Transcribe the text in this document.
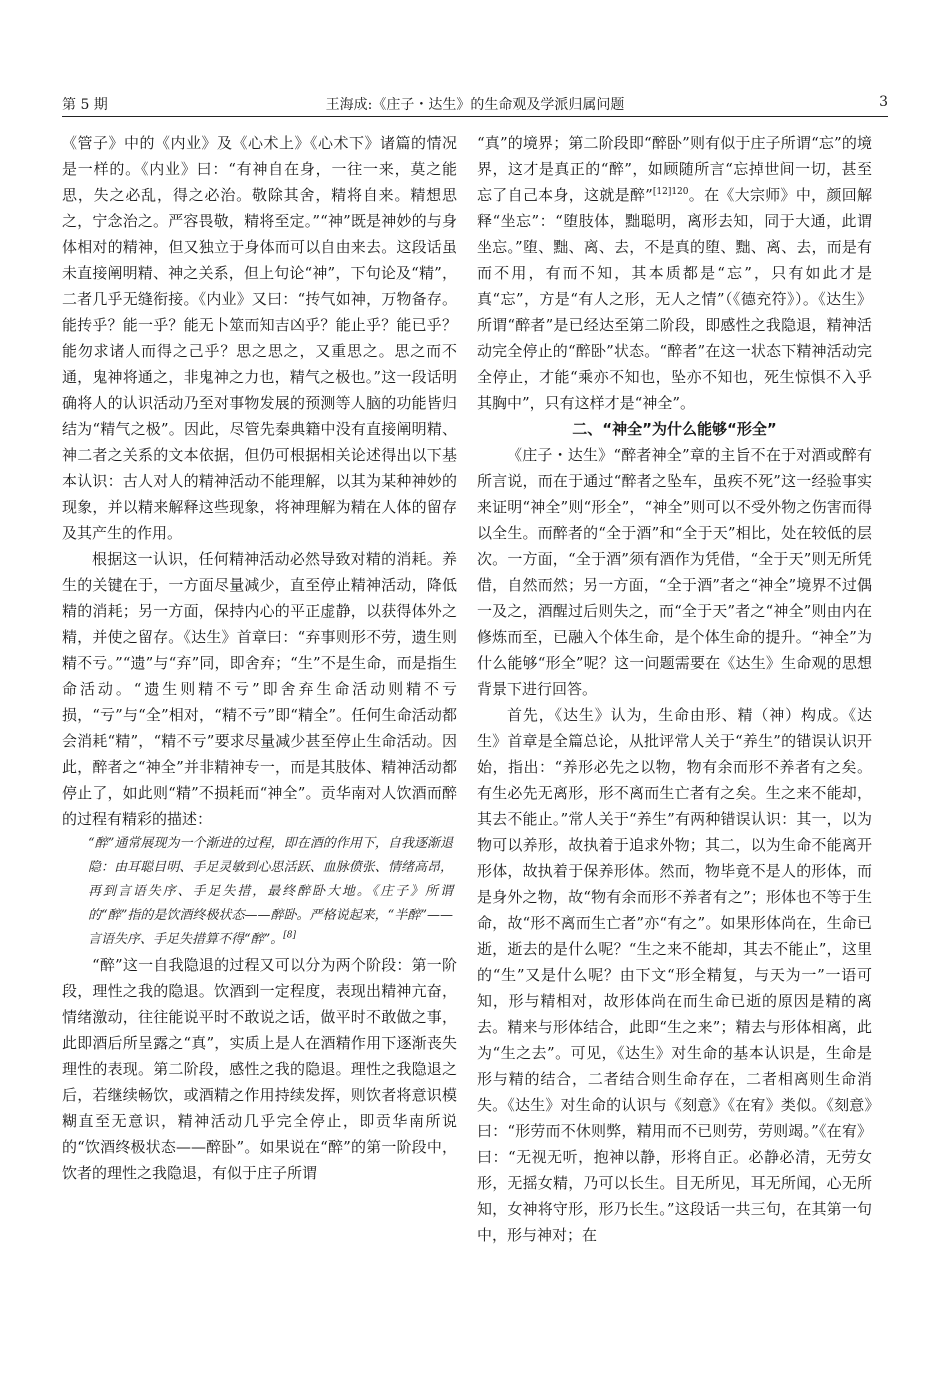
第 5 期	王海成:《庄子・达生》的生命观及学派归属问题	3

《管子》中的《内业》及《心术上》《心术下》诸篇的情况是一样的。《内业》曰：“有神自在身，一往一来，莫之能思，失之必乱，得之必治。敬除其舍，精将自来。精想思之，宁念治之。严容畏敬，精将至定。”“神”既是神妙的与身体相对的精神，但又独立于身体而可以自由来去。这段话虽未直接阐明精、神之关系，但上句论“神”，下句论及“精”，二者几乎无缝衔接。《内业》又曰：“抟气如神，万物备存。能抟乎？能一乎？能无卜筮而知吉凶乎？能止乎？能已乎？能勿求诸人而得之己乎？思之思之，又重思之。思之而不通，鬼神将通之，非鬼神之力也，精气之极也。”这一段话明确将人的认识活动乃至对事物发展的预测等人脑的功能皆归结为“精气之极”。因此，尽管先秦典籍中没有直接阐明精、神二者之关系的文本依据，但仍可根据相关论述得出以下基本认识：古人对人的精神活动不能理解，以其为某种神妙的现象，并以精来解释这些现象，将神理解为精在人体的留存及其产生的作用。

根据这一认识，任何精神活动必然导致对精的消耗。养生的关键在于，一方面尽量减少，直至停止精神活动，降低精的消耗；另一方面，保持内心的平正虚静，以获得体外之精，并使之留存。《达生》首章曰：“弃事则形不劳，遗生则精不亏。”“遗”与“弃”同，即舍弃；“生”不是生命，而是指生命活动。“遗生则精不亏”即舍弃生命活动则精不亏损，“亏”与“全”相对，“精不亏”即“精全”。任何生命活动都会消耗“精”，“精不亏”要求尽量减少甚至停止生命活动。因此，醉者之“神全”并非精神专一，而是其肢体、精神活动都停止了，如此则“精”不损耗而“神全”。贡华南对人饮酒而醉的过程有精彩的描述：

“醉”通常展现为一个渐进的过程，即在酒的作用下，自我逐渐退隐：由耳聪目明、手足灵敏到心思活跃、血脉偾张、情绪高昂，再到言语失序、手足失措，最终醉卧大地。《庄子》所谓的“醉”指的是饮酒终极状态——醉卧。严格说起来，“半醉”——言语失序、手足失措算不得“醉”。[8]

“醉”这一自我隐退的过程又可以分为两个阶段：第一阶段，理性之我的隐退。饮酒到一定程度，表现出精神亢奋，情绪激动，往往能说平时不敢说之话，做平时不敢做之事，此即酒后所呈露之“真”，实质上是人在酒精作用下逐渐丧失理性的表现。第二阶段，感性之我的隐退。理性之我隐退之后，若继续畅饮，或酒精之作用持续发挥，则饮者将意识模糊直至无意识，精神活动几乎完全停止，即贡华南所说的“饮酒终极状态——醉卧”。如果说在“醉”的第一阶段中，饮者的理性之我隐退，有似于庄子所谓

“真”的境界；第二阶段即“醉卧”则有似于庄子所谓“忘”的境界，这才是真正的“醉”，如顾随所言“忘掉世间一切，甚至忘了自己本身，这就是醉”$^{[12]120}$。在《大宗师》中，颜回解释“坐忘”：“堕肢体，黜聪明，离形去知，同于大通，此谓坐忘。”堕、黜、离、去，不是真的堕、黜、离、去，而是有而不用，有而不知，其本质都是“忘”，只有如此才是真“忘”，方是“有人之形，无人之情”（《德充符》）。《达生》所谓“醉者”是已经达至第二阶段，即感性之我隐退，精神活动完全停止的“醉卧”状态。“醉者”在这一状态下精神活动完全停止，才能“乘亦不知也，坠亦不知也，死生惊惧不入乎其胸中”，只有这样才是“神全”。

二、“神全”为什么能够“形全”

《庄子・达生》“醉者神全”章的主旨不在于对酒或醉有所言说，而在于通过“醉者之坠车，虽疾不死”这一经验事实来证明“神全”则“形全”，“神全”则可以不受外物之伤害而得以全生。而醉者的“全于酒”和“全于天”相比，处在较低的层次。一方面，“全于酒”须有酒作为凭借，“全于天”则无所凭借，自然而然；另一方面，“全于酒”者之“神全”境界不过偶一及之，酒醒过后则失之，而“全于天”者之“神全”则由内在修炼而至，已融入个体生命，是个体生命的提升。“神全”为什么能够“形全”呢？这一问题需要在《达生》生命观的思想背景下进行回答。

首先，《达生》认为，生命由形、精（神）构成。《达生》首章是全篇总论，从批评常人关于“养生”的错误认识开始，指出：“养形必先之以物，物有余而形不养者有之矣。有生必先无离形，形不离而生亡者有之矣。生之来不能却，其去不能止。”常人关于“养生”有两种错误认识：其一，以为物可以养形，故执着于追求外物；其二，以为生命不能离开形体，故执着于保养形体。然而，物毕竟不是人的形体，而是身外之物，故“物有余而形不养者有之”；形体也不等于生命，故“形不离而生亡者”亦“有之”。如果形体尚在，生命已逝，逝去的是什么呢？“生之来不能却，其去不能止”，这里的“生”又是什么呢？由下文“形全精复，与天为一”一语可知，形与精相对，故形体尚在而生命已逝的原因是精的离去。精来与形体结合，此即“生之来”；精去与形体相离，此为“生之去”。可见，《达生》对生命的基本认识是，生命是形与精的结合，二者结合则生命存在，二者相离则生命消失。《达生》对生命的认识与《刻意》《在宥》类似。《刻意》曰：“形劳而不休则弊，精用而不已则劳，劳则竭。”《在宥》曰：“无视无听，抱神以静，形将自正。必静必清，无劳女形，无摇女精，乃可以长生。目无所见，耳无所闻，心无所知，女神将守形，形乃长生。”这段话一共三句，在其第一句中，形与神对；在
